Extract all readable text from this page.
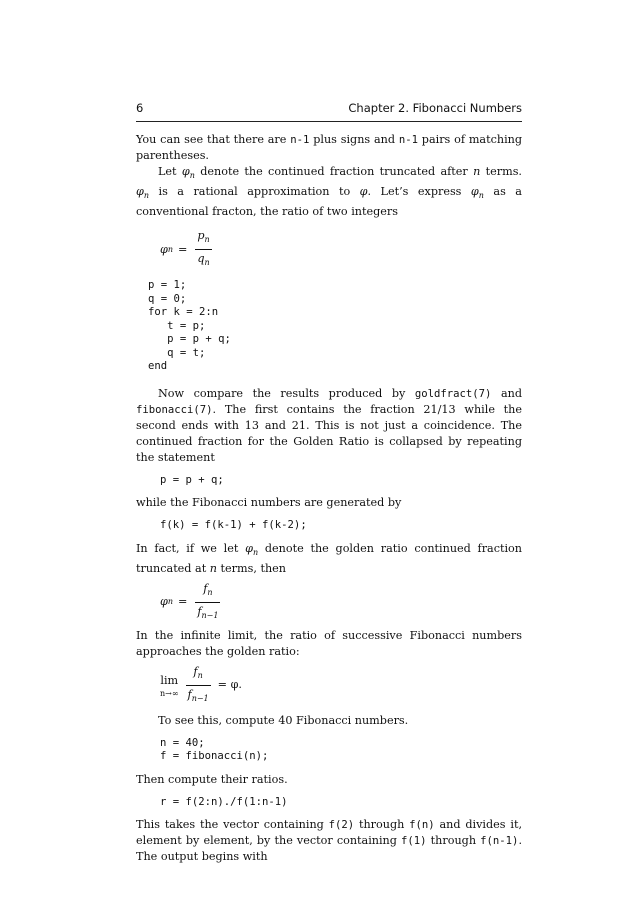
6	Chapter 2. Fibonacci Numbers

You can see that there are n-1 plus signs and n-1 pairs of matching parentheses.

Let $\varphi_n$ denote the continued fraction truncated after n terms. $\varphi_n$ is a rational approximation to φ. Let’s express $\varphi_n$ as a conventional fracton, the ratio of two integers

φ $n = \frac{p_n}{q_n}$
p = 1;
q = 0;
for k = 2:n
t = p;
p = p + q;
q = t;
end

Now compare the results produced by goldfract(7) and fibonacci(7). The first contains the fraction 21/13 while the second ends with 13 and 21. This is not just a coincidence. The continued fraction for the Golden Ratio is collapsed by repeating the statement

p = p + q;

while the Fibonacci numbers are generated by

f(k) = f(k-1) + f(k-2);

In fact, if we let $\varphi_n$ denote the golden ratio continued fraction truncated at n terms, then

φ $n = \frac{f_n}{f_{n-1}}$

In the infinite limit, the ratio of successive Fibonacci numbers approaches the golden ratio:

lim
$n\to\infty \frac{f_n}{f_{n-1}} = \varphi$.

To see this, compute 40 Fibonacci numbers.

n = 40;
f = fibonacci(n);

Then compute their ratios.

r = f(2:n)./f(1:n-1)

This takes the vector containing f(2) through f(n) and divides it, element by element, by the vector containing f(1) through f(n-1). The output begins with
